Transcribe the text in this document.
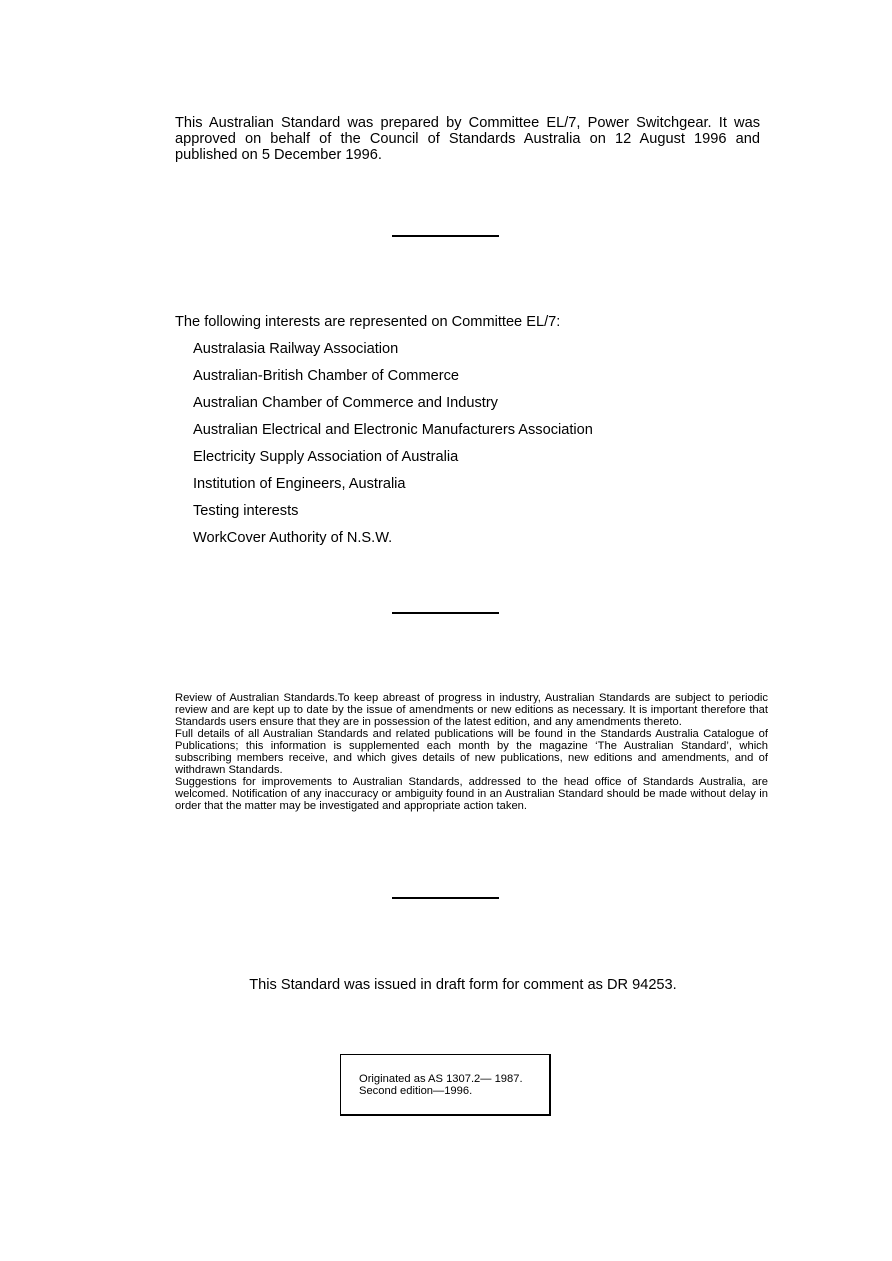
This Australian Standard was prepared by Committee EL/7, Power Switchgear. It was approved on behalf of the Council of Standards Australia on 12 August 1996 and published on 5 December 1996.
The following interests are represented on Committee EL/7:
Australasia Railway Association
Australian-British Chamber of Commerce
Australian Chamber of Commerce and Industry
Australian Electrical and Electronic Manufacturers Association
Electricity Supply Association of Australia
Institution of Engineers, Australia
Testing interests
WorkCover Authority of N.S.W.

Review of Australian Standards.To keep abreast of progress in industry, Australian Standards are subject to periodic review and are kept up to date by the issue of amendments or new editions as necessary. It is important therefore that Standards users ensure that they are in possession of the latest edition, and any amendments thereto.

Full details of all Australian Standards and related publications will be found in the Standards Australia Catalogue of Publications; this information is supplemented each month by the magazine ‘The Australian Standard’, which subscribing members receive, and which gives details of new publications, new editions and amendments, and of withdrawn Standards.

Suggestions for improvements to Australian Standards, addressed to the head office of Standards Australia, are welcomed. Notification of any inaccuracy or ambiguity found in an Australian Standard should be made without delay in order that the matter may be investigated and appropriate action taken.

This Standard was issued in draft form for comment as DR 94253.
Originated as AS 1307.2— 1987.
Second edition—1996.
